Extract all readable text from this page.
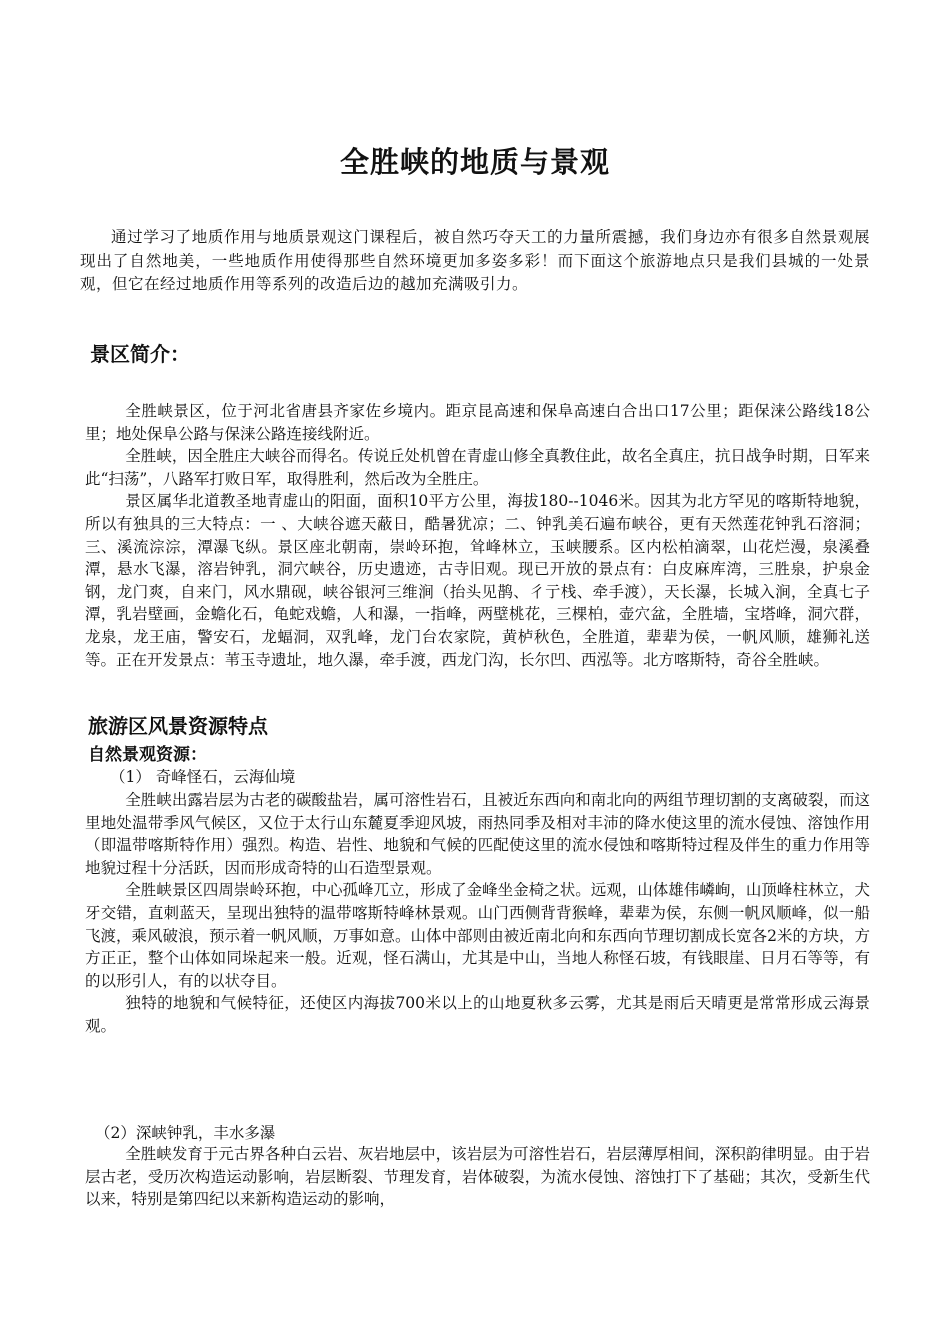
全胜峡的地质与景观

通过学习了地质作用与地质景观这门课程后，被自然巧夺天工的力量所震撼，我们身边亦有很多自然景观展现出了自然地美，一些地质作用使得那些自然环境更加多姿多彩！而下面这个旅游地点只是我们县城的一处景观，但它在经过地质作用等系列的改造后边的越加充满吸引力。

景区简介：

全胜峡景区，位于河北省唐县齐家佐乡境内。距京昆高速和保阜高速白合出口17公里；距保涞公路线18公里；地处保阜公路与保涞公路连接线附近。

全胜峡，因全胜庄大峡谷而得名。传说丘处机曾在青虚山修全真教住此，故名全真庄，抗日战争时期，日军来此“扫荡”，八路军打败日军，取得胜利，然后改为全胜庄。

景区属华北道教圣地青虚山的阳面，面积10平方公里，海拔180--1046米。因其为北方罕见的喀斯特地貌，所以有独具的三大特点：一 、大峡谷遮天蔽日，酷暑犹凉；二、钟乳美石遍布峡谷，更有天然莲花钟乳石溶洞；三、溪流淙淙，潭瀑飞纵。景区座北朝南，崇岭环抱，耸峰林立，玉峡腰系。区内松柏滴翠，山花烂漫，泉溪叠潭，悬水飞瀑，溶岩钟乳，洞穴峡谷，历史遗迹，古寺旧观。现已开放的景点有：白皮麻库湾，三胜泉，护泉金钢，龙门爽，自来门，风水鼎砚，峡谷银河三维涧（抬头见鹊、彳亍栈、牵手渡），天长瀑，长城入涧，全真七子潭，乳岩壁画，金蟾化石，龟蛇戏蟾，人和瀑，一指峰，两壁桃花，三棵柏，壶穴盆，全胜墙，宝塔峰，洞穴群，龙泉，龙王庙，警安石，龙蝠洞，双乳峰，龙门台农家院，黄栌秋色，全胜道，辈辈为侯，一帆风顺，雄狮礼送等。正在开发景点：苇玉寺遗址，地久瀑，牵手渡，西龙门沟，长尔凹、西泓等。北方喀斯特，奇谷全胜峡。

旅游区风景资源特点
自然景观资源：
（1） 奇峰怪石，云海仙境

全胜峡出露岩层为古老的碳酸盐岩，属可溶性岩石，且被近东西向和南北向的两组节理切割的支离破裂，而这里地处温带季风气候区，又位于太行山东麓夏季迎风坡，雨热同季及相对丰沛的降水使这里的流水侵蚀、溶蚀作用（即温带喀斯特作用）强烈。构造、岩性、地貌和气候的匹配使这里的流水侵蚀和喀斯特过程及伴生的重力作用等地貌过程十分活跃，因而形成奇特的山石造型景观。

全胜峡景区四周崇岭环抱，中心孤峰兀立，形成了金峰坐金椅之状。远观，山体雄伟嶙峋，山顶峰柱林立，犬牙交错，直刺蓝天，呈现出独特的温带喀斯特峰林景观。山门西侧背背猴峰，辈辈为侯，东侧一帆风顺峰，似一船飞渡，乘风破浪，预示着一帆风顺，万事如意。山体中部则由被近南北向和东西向节理切割成长宽各2米的方块，方方正正，整个山体如同垛起来一般。近观，怪石满山，尤其是中山，当地人称怪石坡，有钱眼崖、日月石等等，有的以形引人，有的以状夺目。

独特的地貌和气候特征，还使区内海拔700米以上的山地夏秋多云雾，尤其是雨后天晴更是常常形成云海景观。

（2）深峡钟乳，丰水多瀑

全胜峡发育于元古界各种白云岩、灰岩地层中，该岩层为可溶性岩石，岩层薄厚相间，深积韵律明显。由于岩层古老，受历次构造运动影响，岩层断裂、节理发育，岩体破裂，为流水侵蚀、溶蚀打下了基础；其次，受新生代以来，特别是第四纪以来新构造运动的影响，
